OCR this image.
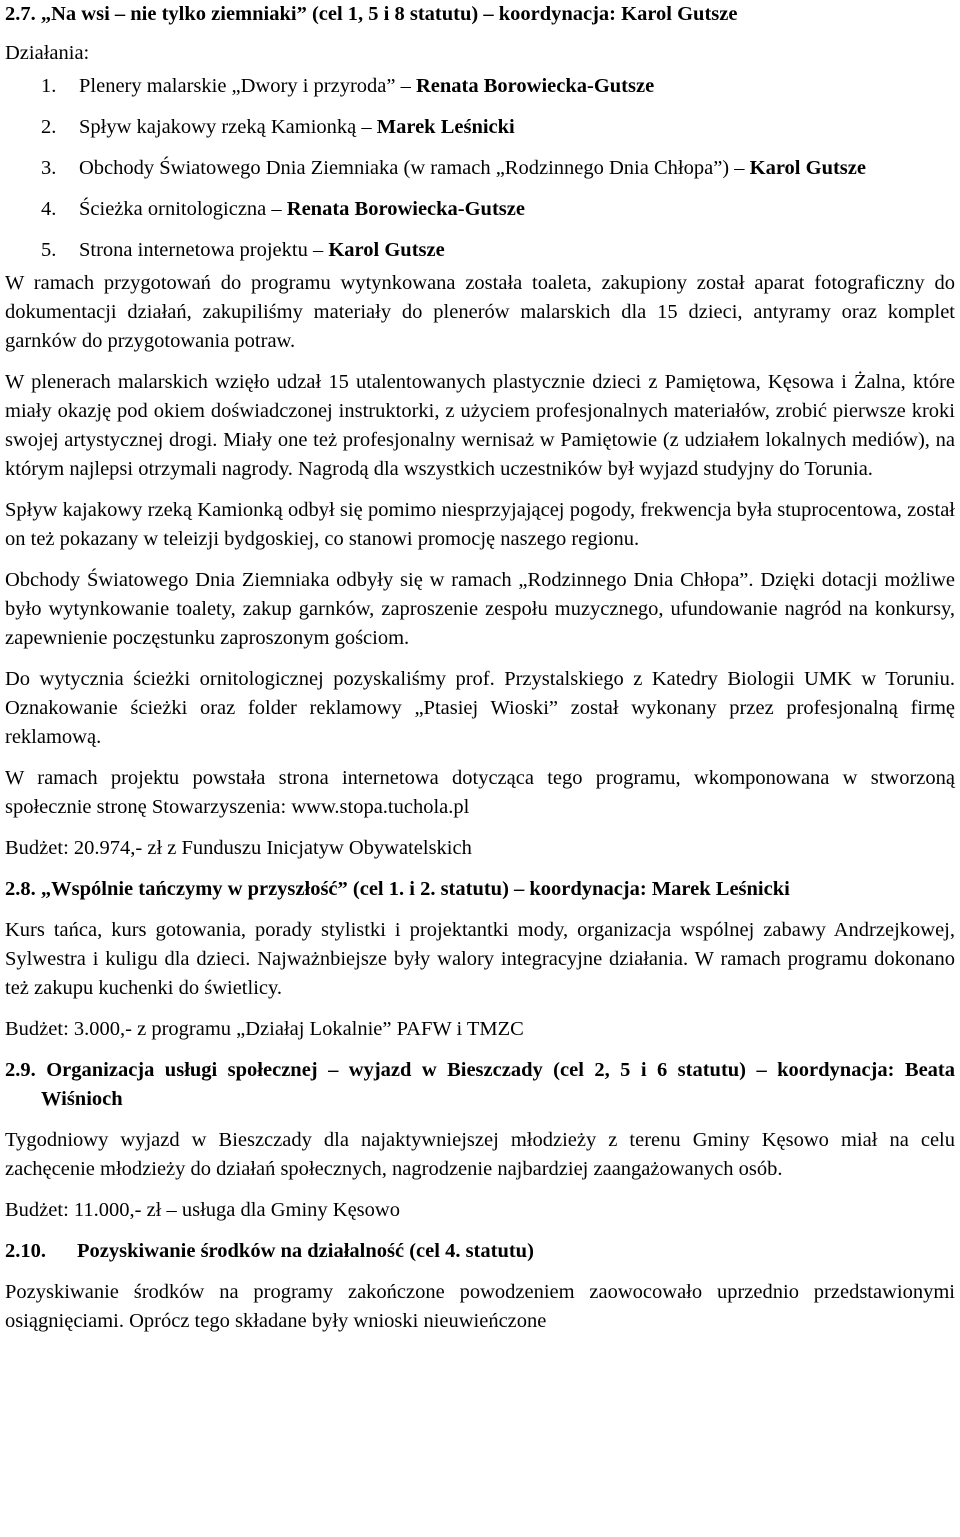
2.7. „Na wsi – nie tylko ziemniaki” (cel 1, 5 i 8 statutu) – koordynacja: Karol Gutsze

Działania:

1. Plenery malarskie „Dwory i przyroda” – Renata Borowiecka-Gutsze
2. Spływ kajakowy rzeką Kamionką – Marek Leśnicki
3. Obchody Światowego Dnia Ziemniaka (w ramach „Rodzinnego Dnia Chłopa”) – Karol Gutsze
4. Ścieżka ornitologiczna – Renata Borowiecka-Gutsze
5. Strona internetowa projektu – Karol Gutsze

W ramach przygotowań do programu wytynkowana została toaleta, zakupiony został aparat fotograficzny do dokumentacji działań, zakupiliśmy materiały do plenerów malarskich dla 15 dzieci, antyramy oraz komplet garnków do przygotowania potraw.

W plenerach malarskich wzięło udzał 15 utalentowanych plastycznie dzieci z Pamiętowa, Kęsowa i Żalna, które miały okazję pod okiem doświadczonej instruktorki, z użyciem profesjonalnych materiałów, zrobić pierwsze kroki swojej artystycznej drogi. Miały one też profesjonalny wernisaż w Pamiętowie (z udziałem lokalnych mediów), na którym najlepsi otrzymali nagrody. Nagrodą dla wszystkich uczestników był wyjazd studyjny do Torunia.

Spływ kajakowy rzeką Kamionką odbył się pomimo niesprzyjającej pogody, frekwencja była stuprocentowa, został on też pokazany w teleizji bydgoskiej, co stanowi promocję naszego regionu.

Obchody Światowego Dnia Ziemniaka odbyły się w ramach „Rodzinnego Dnia Chłopa”. Dzięki dotacji możliwe było wytynkowanie toalety, zakup garnków, zaproszenie zespołu muzycznego, ufundowanie nagród na konkursy, zapewnienie poczęstunku zaproszonym gościom.

Do wytycznia ścieżki ornitologicznej pozyskaliśmy prof. Przystalskiego z Katedry Biologii UMK w Toruniu. Oznakowanie ścieżki oraz folder reklamowy „Ptasiej Wioski” został wykonany przez profesjonalną firmę reklamową.

W ramach projektu powstała strona internetowa dotycząca tego programu, wkomponowana w stworzoną społecznie stronę Stowarzyszenia: www.stopa.tuchola.pl

Budżet: 20.974,- zł z Funduszu Inicjatyw Obywatelskich

2.8. „Wspólnie tańczymy w przyszłość” (cel 1. i 2. statutu) – koordynacja: Marek Leśnicki

Kurs tańca, kurs gotowania, porady stylistki i projektantki mody, organizacja wspólnej zabawy Andrzejkowej, Sylwestra i kuligu dla dzieci. Najważnbiejsze były walory integracyjne działania. W ramach programu dokonano też zakupu kuchenki do świetlicy.

Budżet: 3.000,- z programu „Działaj Lokalnie” PAFW i TMZC

2.9. Organizacja usługi społecznej – wyjazd w Bieszczady (cel 2, 5 i 6 statutu) – koordynacja: Beata Wiśnioch

Tygodniowy wyjazd w Bieszczady dla najaktywniejszej młodzieży z terenu Gminy Kęsowo miał na celu zachęcenie młodzieży do działań społecznych, nagrodzenie najbardziej zaangażowanych osób.

Budżet: 11.000,- zł – usługa dla Gminy Kęsowo

2.10. Pozyskiwanie środków na działalność (cel 4. statutu)

Pozyskiwanie środków na programy zakończone powodzeniem zaowocowało uprzednio przedstawionymi osiągnięciami. Oprócz tego składane były wnioski nieuwieńczone
